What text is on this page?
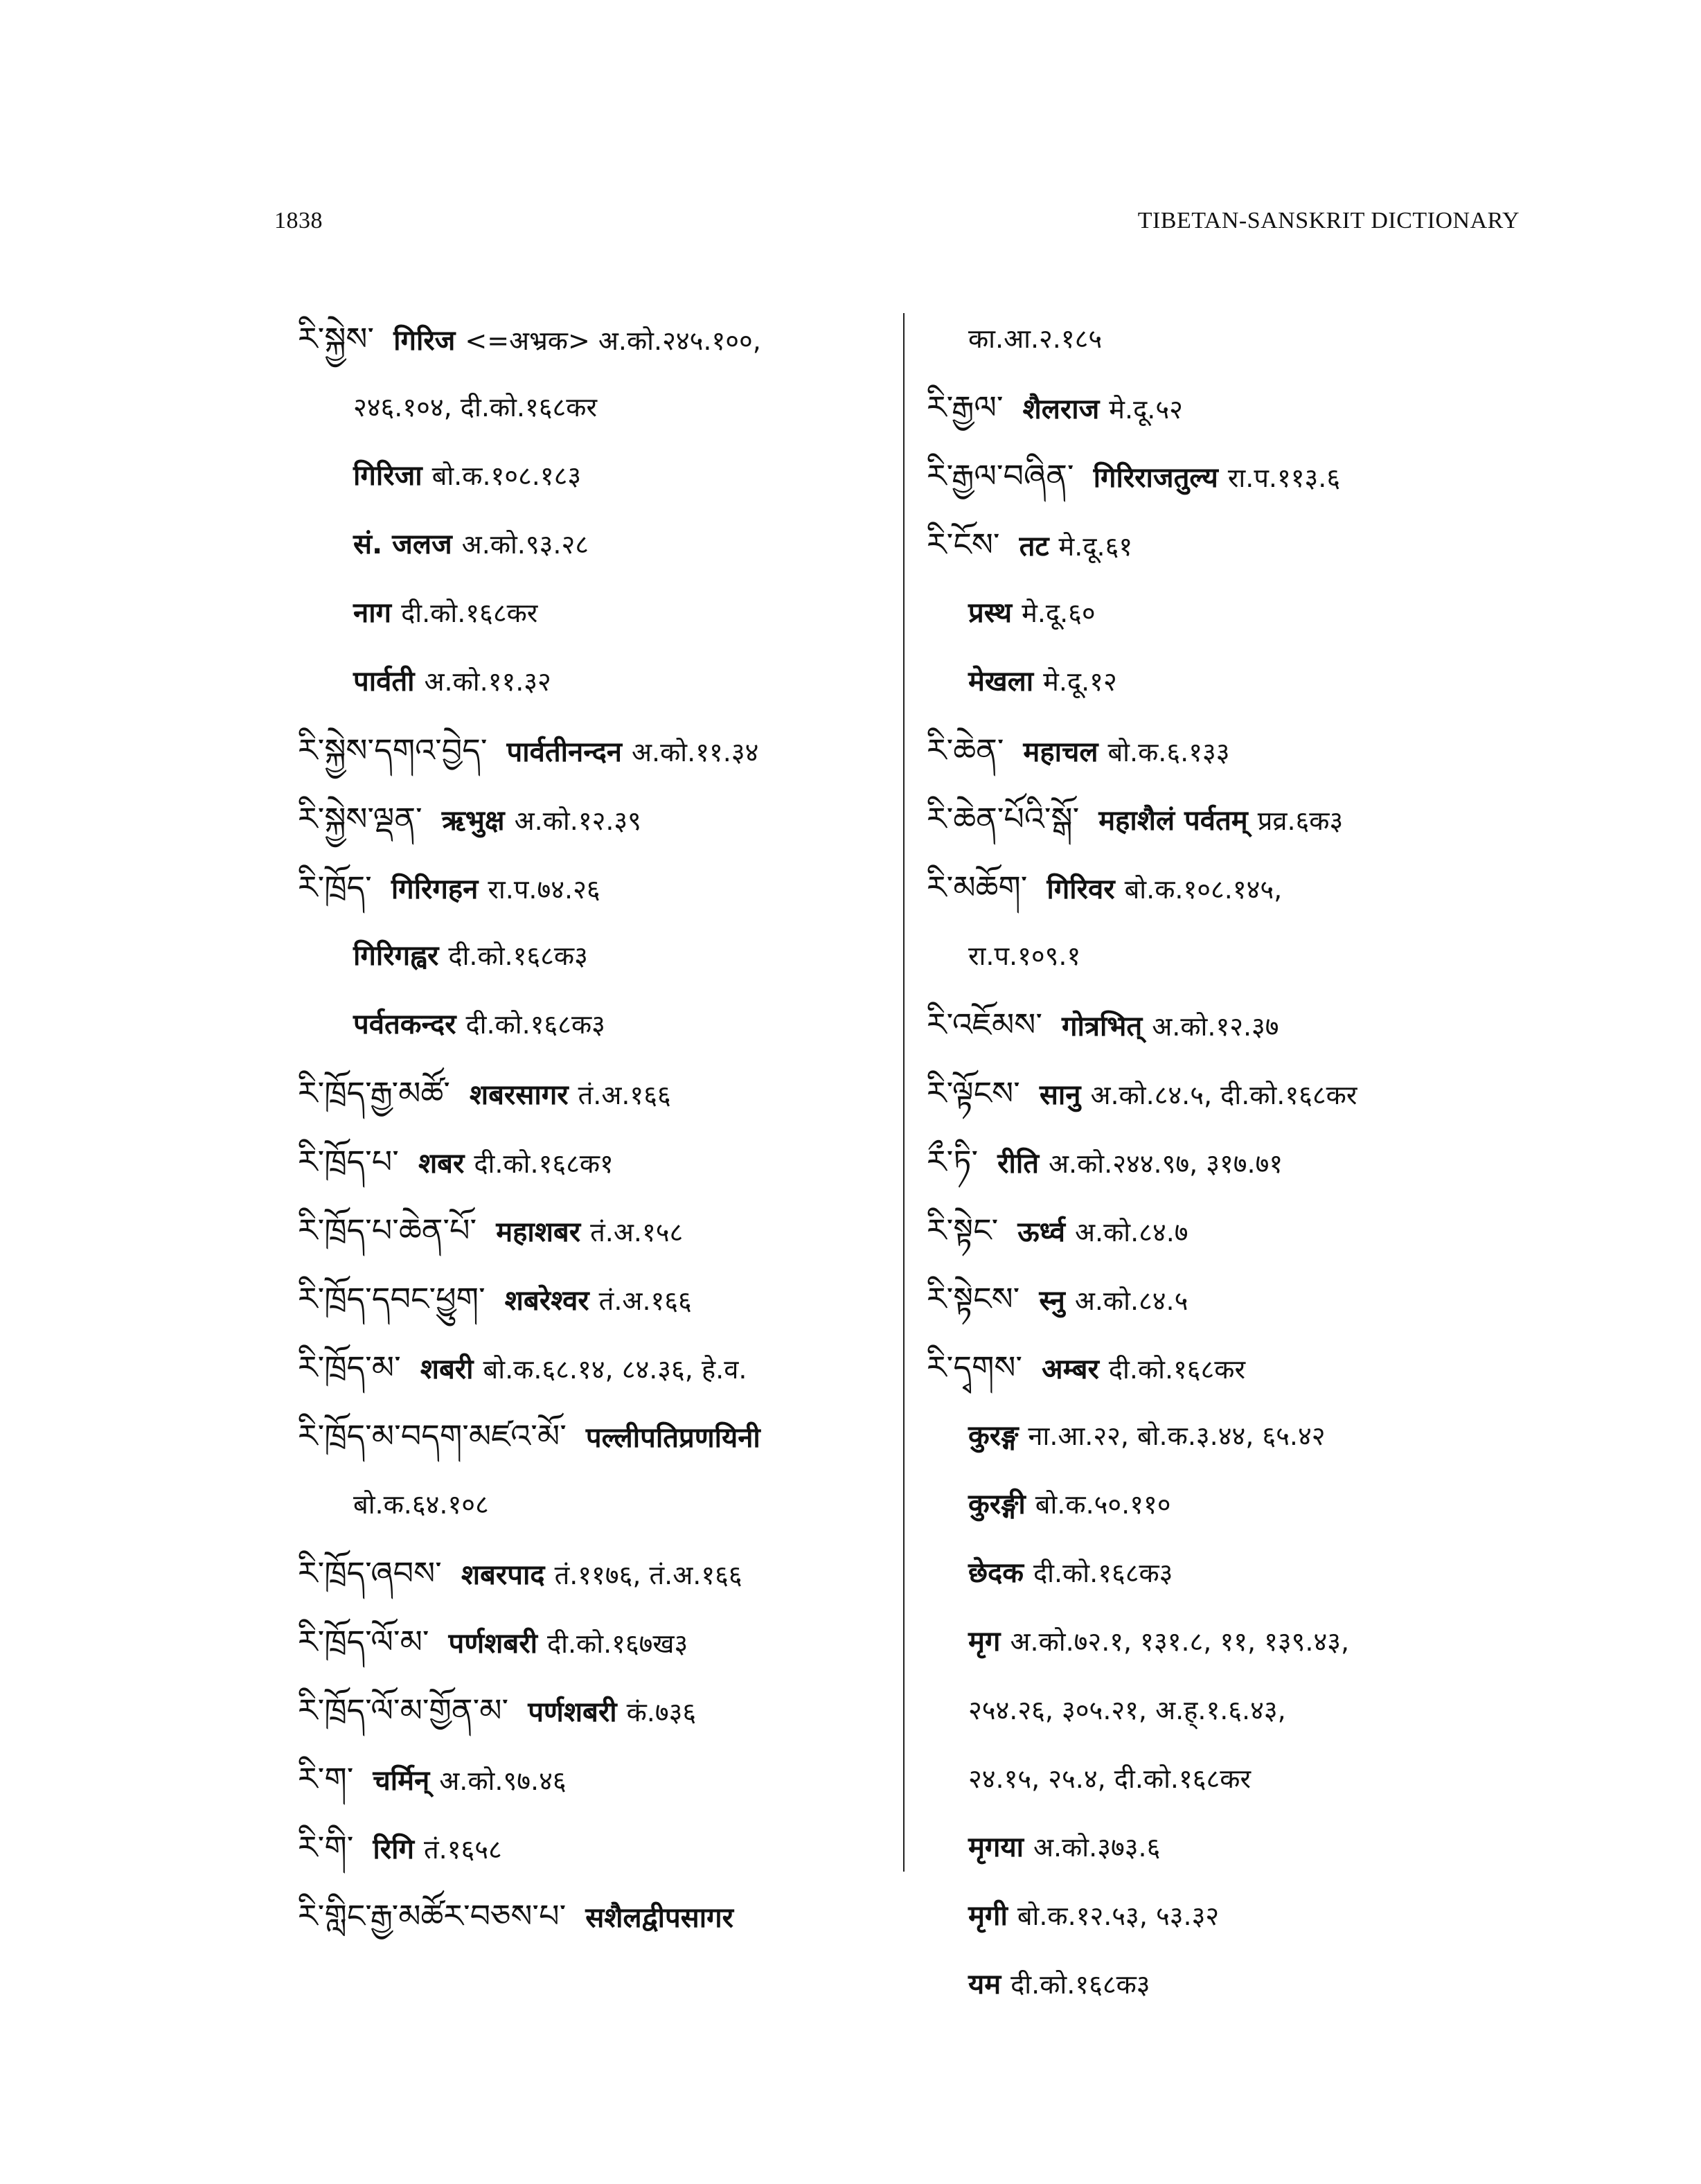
1838	TIBETAN-SANSKRIT DICTIONARY
རི་སྐྱེས་ गिरिज <=अभ्रक> अ.को.२४५.१००,
२४६.१०४, दी.को.१६८कर
गिरिजा बो.क.१०८.१८३
सं. जलज अ.को.९३.२८
नाग दी.को.१६८कर
पार्वती अ.को.११.३२
རི་སྐྱེས་དགའ་བྱེད་ पार्वतीनन्दन अ.को.११.३४
རི་སྐྱེས་ལྡན་ ऋभुक्ष अ.को.१२.३९
རི་ཁྲོད་ गिरिगहन रा.प.७४.२६
गिरिगह्वर दी.को.१६८क३
पर्वतकन्दर दी.को.१६८क३
རི་ཁྲོད་རྒྱ་མཚོ་ शबरसागर तं.अ.१६६
རི་ཁྲོད་པ་ शबर दी.को.१६८क१
རི་ཁྲོད་པ་ཆེན་པོ་ महाशबर तं.अ.१५८
རི་ཁྲོད་དབང་ཕྱུག་ शबरेश्वर तं.अ.१६६
རི་ཁྲོད་མ་ शबरी बो.क.६८.१४, ८४.३६, हे.व.
རི་ཁྲོད་མ་བདག་མཛའ་མོ་ पल्लीपतिप्रणयिनी
बो.क.६४.१०८
རི་ཁྲོད་ཞབས་ शबरपाद तं.११७६, तं.अ.१६६
རི་ཁྲོད་ལོ་མ་ पर्णशबरी दी.को.१६७ख३
རི་ཁྲོད་ལོ་མ་གྱོན་མ་ पर्णशबरी कं.७३६
རི་ག་ चर्मिन् अ.को.९७.४६
རི་གི་ रिगि तं.१६५८
རི་གླིང་རྒྱ་མཚོར་བཅས་པ་ सशैलद्वीपसागर
का.आ.२.१८५
རི་རྒྱལ་ शैलराज मे.दू.५२
རི་རྒྱལ་བཞིན་ गिरिराजतुल्य रा.प.११३.६
རི་ངོས་ तट मे.दू.६१
प्रस्थ मे.दू.६०
मेखला मे.दू.१२
རི་ཆེན་ महाचल बो.क.६.१३३
རི་ཆེན་པོའི་སྒོ་ महाशैलं पर्वतम् प्रव्र.६क३
རི་མཆོག་ गिरिवर बो.क.१०८.१४५,
रा.प.१०९.१
རི་འཇོམས་ गोत्रभित् अ.को.१२.३७
རི་ལྟོངས་ सानु अ.को.८४.५, दी.को.१६८कर
རྀ་ཏི་ रीति अ.को.२४४.९७, ३१७.७१
རི་སྟེང་ ऊर्ध्व अ.को.८४.७
རི་སྟེངས་ स्नु अ.को.८४.५
རི་དྭགས་ अम्बर दी.को.१६८कर
कुरङ्ग ना.आ.२२, बो.क.३.४४, ६५.४२
कुरङ्गी बो.क.५०.११०
छेदक दी.को.१६८क३
मृग अ.को.७२.१, १३१.८, ११, १३९.४३,
२५४.२६, ३०५.२१, अ.ह्.१.६.४३,
२४.१५, २५.४, दी.को.१६८कर
मृगया अ.को.३७३.६
मृगी बो.क.१२.५३, ५३.३२
यम दी.को.१६८क३
